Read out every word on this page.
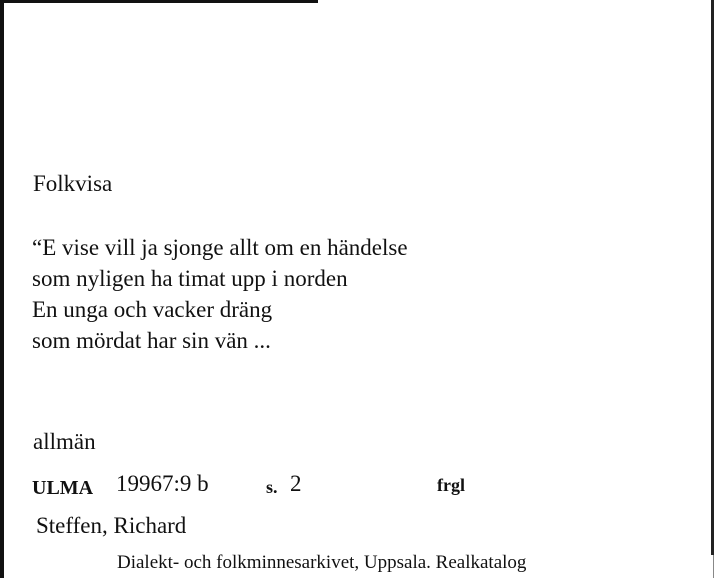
Folkvisa
“E vise vill ja sjonge allt om en händelse
som nyligen ha timat upp i norden
En unga och vacker dräng
som mördat har sin vän ...
allmän
ULMA 19967:9 b	s. 2	frgl
Steffen, Richard
Dialekt- och folkminnesarkivet, Uppsala. Realkatalog
